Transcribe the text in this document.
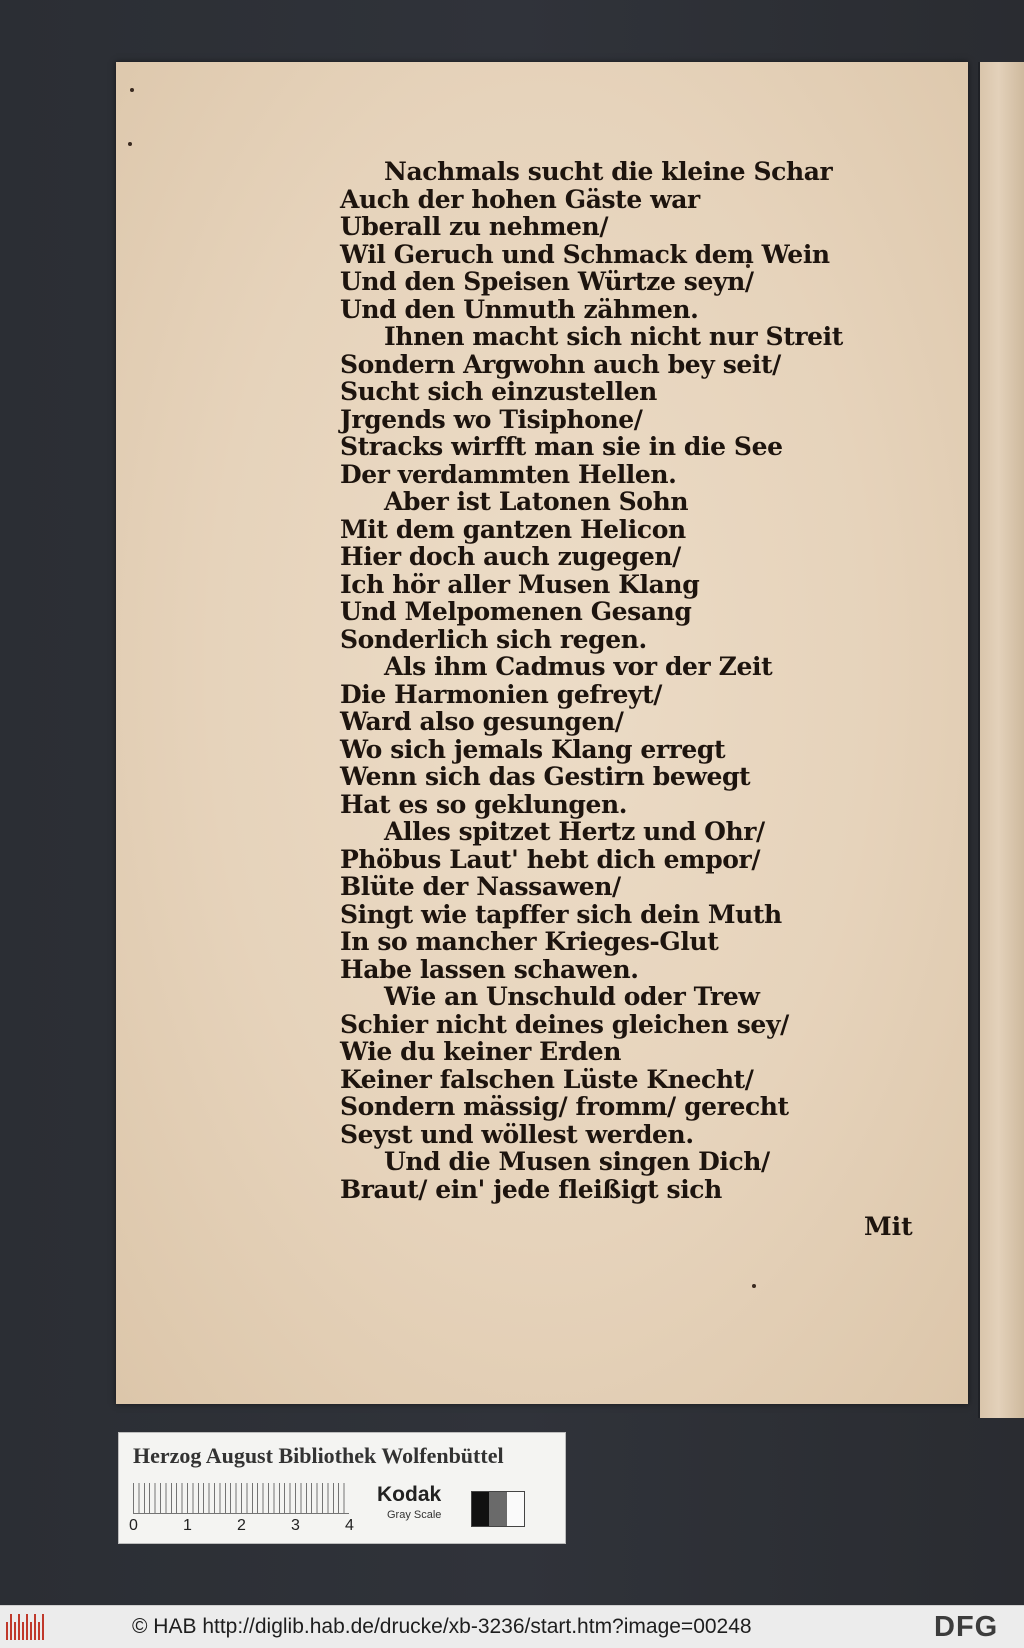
Nachmals sucht die kleine Schar
Auch der hohen Gäste war
Uberall zu nehmen/
Wil Geruch und Schmack dem Wein
Und den Speisen Würtze seyn/
Und den Unmuth zähmen.
Ihnen macht sich nicht nur Streit
Sondern Argwohn auch bey seit/
Sucht sich einzustellen
Jrgends wo Tisiphone/
Stracks wirfft man sie in die See
Der verdammten Hellen.
Aber ist Latonen Sohn
Mit dem gantzen Helicon
Hier doch auch zugegen/
Ich hör aller Musen Klang
Und Melpomenen Gesang
Sonderlich sich regen.
Als ihm Cadmus vor der Zeit
Die Harmonien gefreyt/
Ward also gesungen/
Wo sich jemals Klang erregt
Wenn sich das Gestirn bewegt
Hat es so geklungen.
Alles spitzet Hertz und Ohr/
Phöbus Laut' hebt dich empor/
Blüte der Nassawen/
Singt wie tapffer sich dein Muth
In so mancher Krieges-Glut
Habe lassen schawen.
Wie an Unschuld oder Trew
Schier nicht deines gleichen sey/
Wie du keiner Erden
Keiner falschen Lüste Knecht/
Sondern mässig/ fromm/ gerecht
Seyst und wöllest werden.
Und die Musen singen Dich/
Braut/ ein' jede fleißigt sich
Mit
Herzog August Bibliothek Wolfenbüttel
0	1	2	3	4
Kodak
Gray Scale
© HAB http://diglib.hab.de/drucke/xb-3236/start.htm?image=00248	DFG
